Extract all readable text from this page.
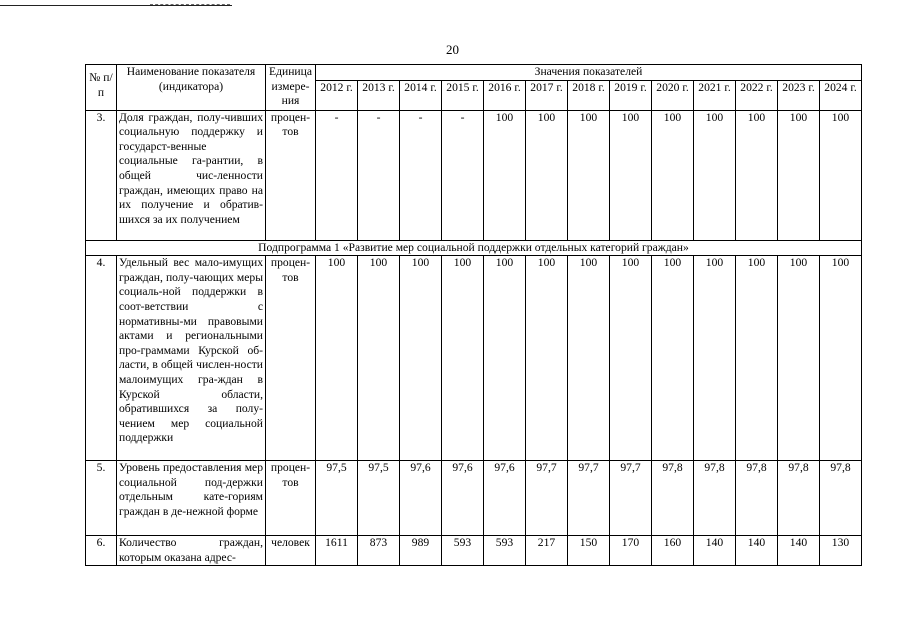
20
№ п/п	Наименование показателя (индикатора)	Единица измере-ния	Значения показателей												
			2012 г.	2013 г.	2014 г.	2015 г.	2016 г.	2017 г.	2018 г.	2019 г.	2020 г.	2021 г.	2022 г.	2023 г.	2024 г.
3.	Доля граждан, полу-чивших социальную поддержку и государст-венные социальные га-рантии, в общей чис-ленности граждан, имеющих право на их получение и обратив-шихся за их получением	процен-тов	-	-	-	-	100	100	100	100	100	100	100	100	100
Подпрограмма 1 «Развитие мер социальной поддержки отдельных категорий граждан»															
4.	Удельный вес мало-имущих граждан, полу-чающих меры социаль-ной поддержки в соот-ветствии с нормативны-ми правовыми актами и региональными про-граммами Курской об-ласти, в общей числен-ности малоимущих гра-ждан в Курской области, обратившихся за полу-чением мер социальной поддержки	процен-тов	100	100	100	100	100	100	100	100	100	100	100	100	100
5.	Уровень предоставления мер социальной под-держки отдельным кате-гориям граждан в де-нежной форме	процен-тов	97,5	97,5	97,6	97,6	97,6	97,7	97,7	97,7	97,8	97,8	97,8	97,8	97,8
6.	Количество граждан, которым оказана адрес-	человек	1611	873	989	593	593	217	150	170	160	140	140	140	130
